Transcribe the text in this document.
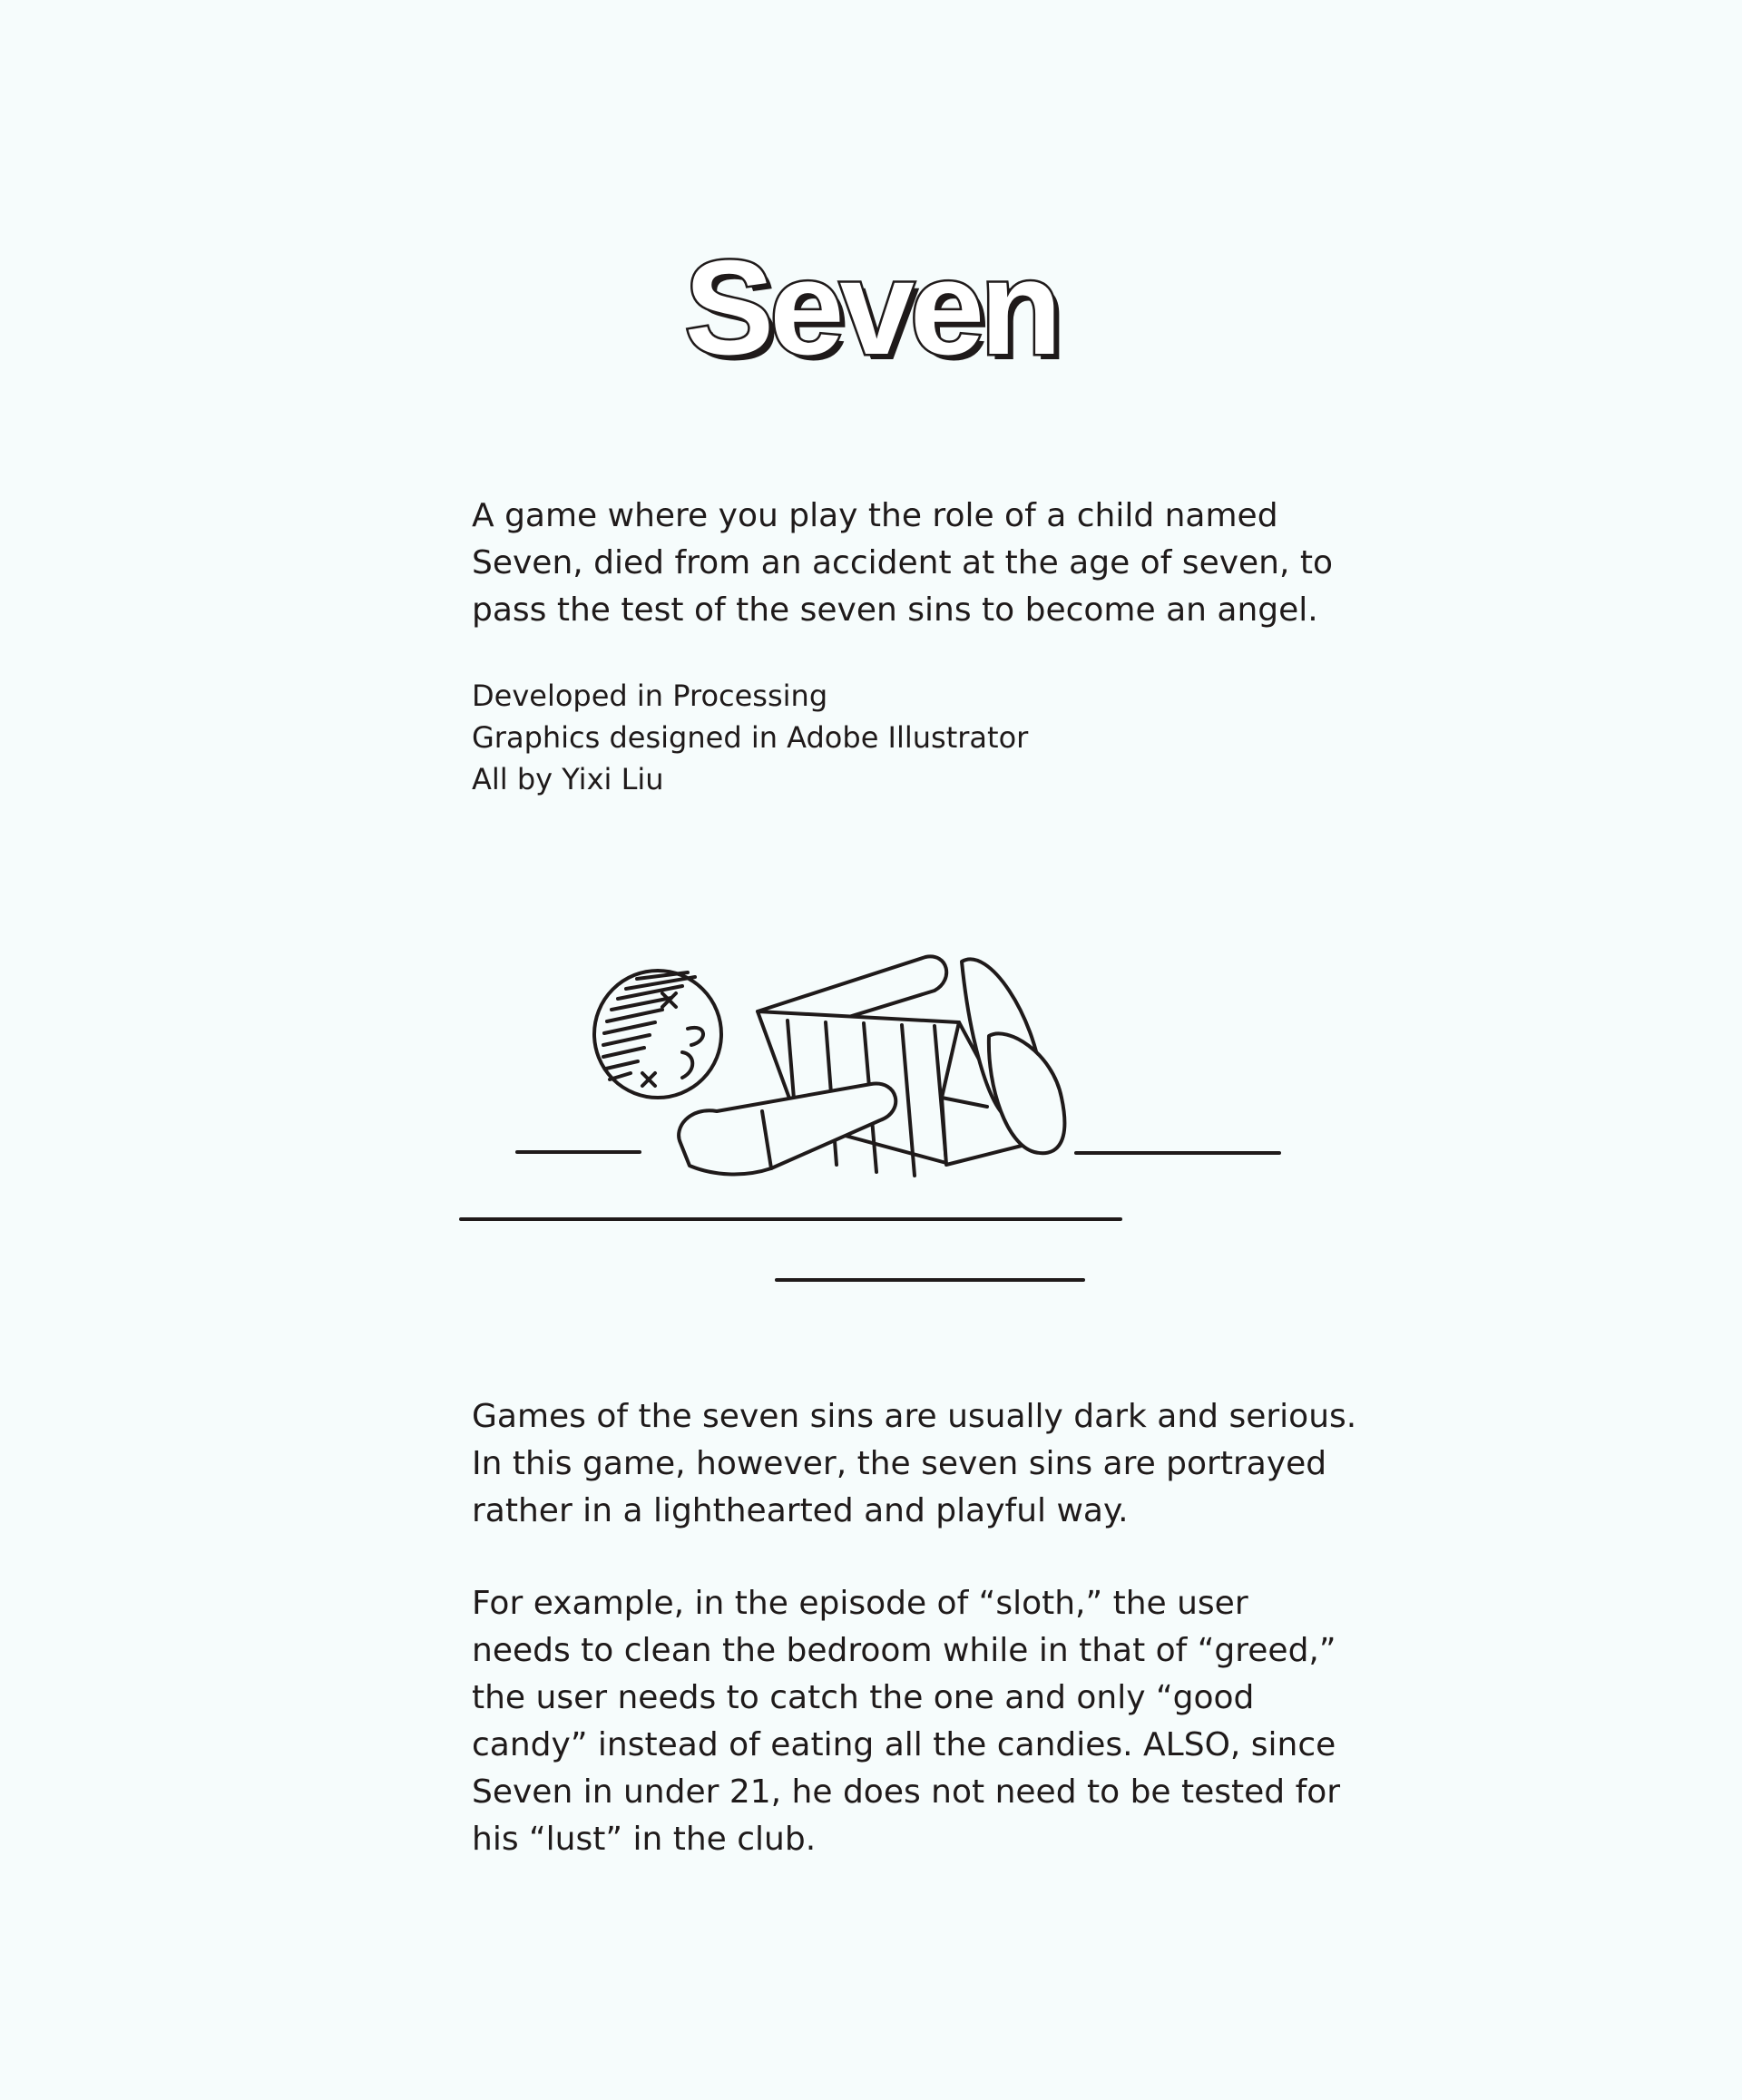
Seven
A game where you play the role of a child named
Seven, died from an accident at the age of seven, to
pass the test of the seven sins to become an angel.
Developed in Processing
Graphics designed in Adobe Illustrator
All by Yixi Liu
Games of the seven sins are usually dark and serious.
In this game, however, the seven sins are portrayed
rather in a lighthearted and playful way.
For example, in the episode of “sloth,” the user
needs to clean the bedroom while in that of “greed,”
the user needs to catch the one and only “good
candy” instead of eating all the candies. ALSO, since
Seven in under 21, he does not need to be tested for
his “lust” in the club.
